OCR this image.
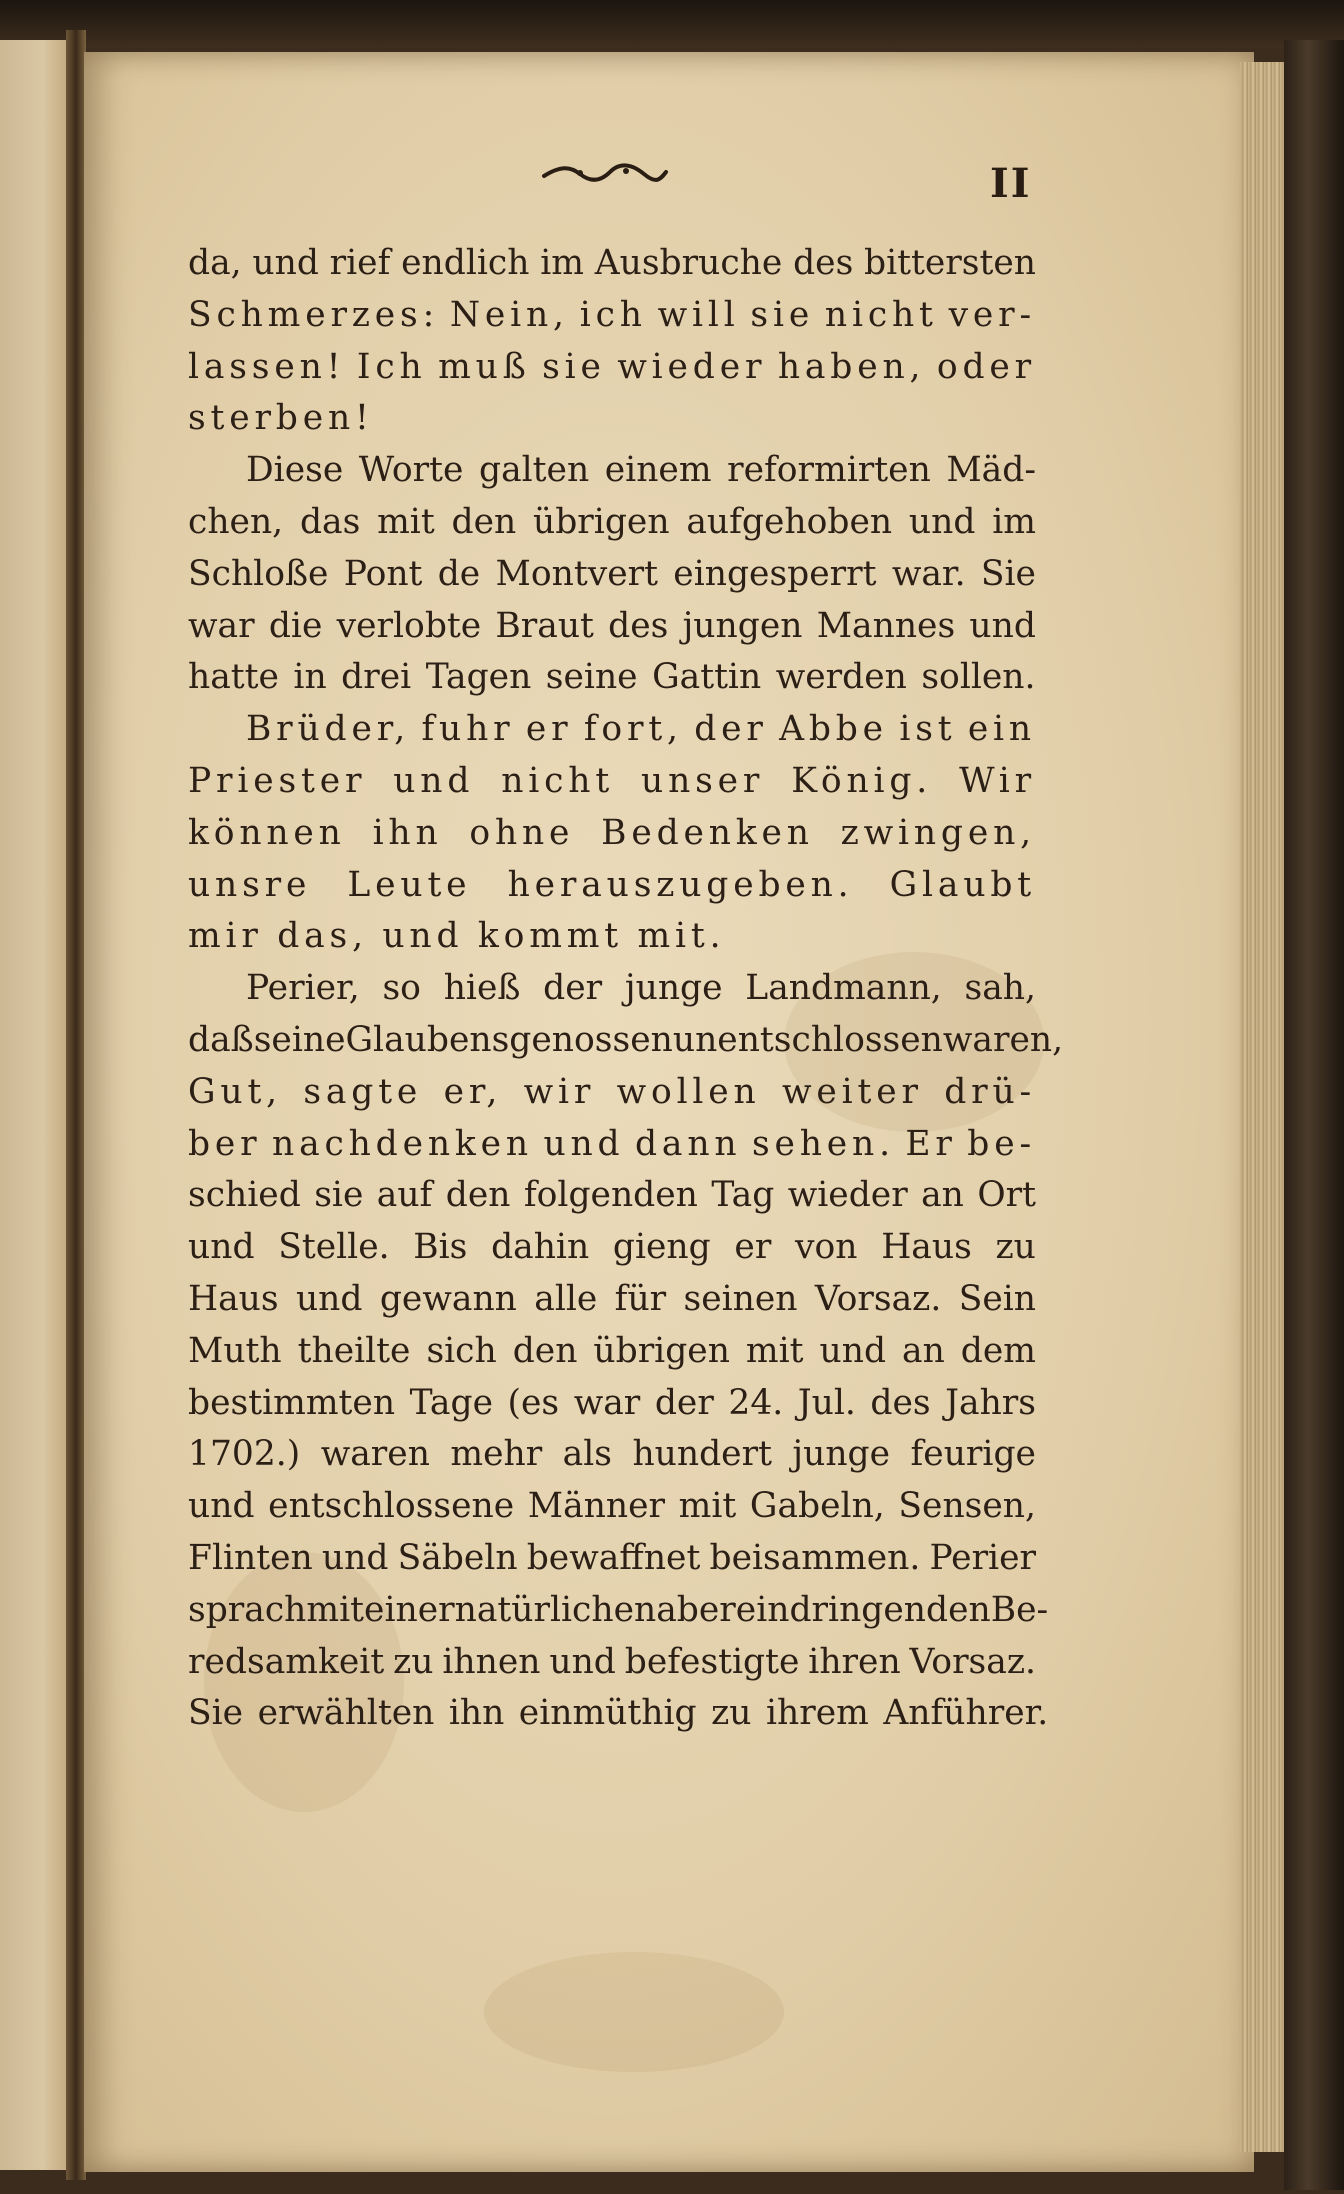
II
da, und rief endlich im Ausbruche des bittersten
Schmerzes: Nein, ich will sie nicht ver-
lassen! Ich muß sie wieder haben, oder
sterben!
Diese Worte galten einem reformirten Mäd-
chen, das mit den übrigen aufgehoben und im
Schloße Pont de Montvert eingesperrt war. Sie
war die verlobte Braut des jungen Mannes und
hatte in drei Tagen seine Gattin werden sollen.
Brüder, fuhr er fort, der Abbe ist ein
Priester und nicht unser König. Wir
können ihn ohne Bedenken zwingen,
unsre Leute herauszugeben. Glaubt
mir das, und kommt mit.
Perier, so hieß der junge Landmann, sah,
daß seine Glaubensgenossen unentschlossen waren,
Gut, sagte er, wir wollen weiter drü-
ber nachdenken und dann sehen. Er be-
schied sie auf den folgenden Tag wieder an Ort
und Stelle. Bis dahin gieng er von Haus zu
Haus und gewann alle für seinen Vorsaz. Sein
Muth theilte sich den übrigen mit und an dem
bestimmten Tage (es war der 24. Jul. des Jahrs
1702.) waren mehr als hundert junge feurige
und entschlossene Männer mit Gabeln, Sensen,
Flinten und Säbeln bewaffnet beisammen. Perier
sprach mit einer natürlichen aber eindringenden Be-
redsamkeit zu ihnen und befestigte ihren Vorsaz.
Sie erwählten ihn einmüthig zu ihrem Anführer.
